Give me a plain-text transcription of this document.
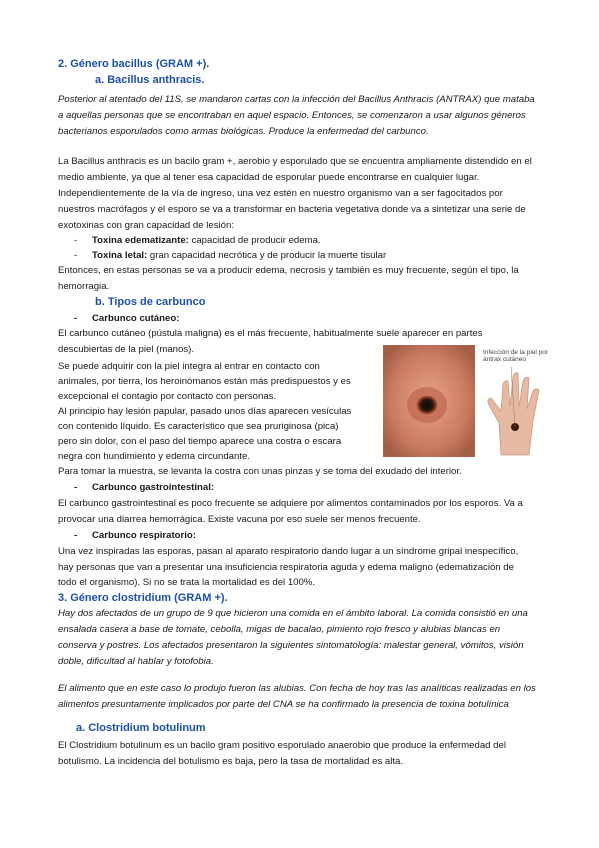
2. Género bacillus (GRAM +).
a. Bacillus anthracis.
Posterior al atentado del 11S, se mandaron cartas con la infección del Bacillus Anthracis (ANTRAX) que mataba
a aquellas personas que se encontraban en aquel espacio. Entonces, se comenzaron a usar algunos géneros
bacterianos esporulados como armas biológicas. Produce la enfermedad del carbunco.
La Bacillus anthracis es un bacilo gram +, aerobio y esporulado que se encuentra ampliamente distendido en el
medio ambiente, ya que al tener esa capacidad de esporular puede encontrarse en cualquier lugar.
Independientemente de la vía de ingreso, una vez estén en nuestro organismo van a ser fagocitados por
nuestros macrófagos y el esporo se va a transformar en bacteria vegetativa donde va a sintetizar una serie de
exotoxinas con gran capacidad de lesión:
- Toxina edematizante: capacidad de producir edema.
- Toxina letal: gran capacidad necrótica y de producir la muerte tisular
Entonces, en estas personas se va a producir edema, necrosis y también es muy frecuente, según el tipo, la
hemorragia.
b. Tipos de carbunco
- Carbunco cutáneo:
El carbunco cutáneo (pústula maligna) es el más frecuente, habitualmente suele aparecer en partes
descubiertas de la piel (manos).
Se puede adquirir con la piel integra al entrar en contacto con
animales, por tierra, los heroinómanos están más predispuestos y es
excepcional el contagio por contacto con personas.
Al principio hay lesión papular, pasado unos días aparecen vesículas
con contenido líquido. Es característico que sea pruriginosa (pica)
pero sin dolor, con el paso del tiempo aparece una costra o escara
negra con hundimiento y edema circundante.
Para tomar la muestra, se levanta la costra con unas pinzas y se toma del exudado del interior.
Infección de la piel por ántrax cutáneo
- Carbunco gastrointestinal:
El carbunco gastrointestinal es poco frecuente se adquiere por alimentos contaminados por los esporos. Va a
provocar una diarrea hemorrágica. Existe vacuna por eso suele ser menos frecuente.
- Carbunco respiratorio:
Una vez inspiradas las esporas, pasan al aparato respiratorio dando lugar a un síndrome gripal inespecífico,
hay personas que van a presentar una insuficiencia respiratoria aguda y edema maligno (edematización de
todo el organismo). Si no se trata la mortalidad es del 100%.
3. Género clostridium (GRAM +).
Hay dos afectados de un grupo de 9 que hicieron una comida en el ámbito laboral. La comida consistió en una
ensalada casera a base de tomate, cebolla, migas de bacalao, pimiento rojo fresco y alubias blancas en
conserva y postres. Los afectados presentaron la siguientes sintomatología: malestar general, vómitos, visión
doble, dificultad al hablar y fotofobia.
El alimento que en este caso lo produjo fueron las alubias. Con fecha de hoy tras las analíticas realizadas en los
alimentos presuntamente implicados por parte del CNA se ha confirmado la presencia de toxina botulínica
a. Clostridium botulinum
El Clostridium botulinum es un bacilo gram positivo esporulado anaerobio que produce la enfermedad del
botulismo. La incidencia del botulismo es baja, pero la tasa de mortalidad es alta.
